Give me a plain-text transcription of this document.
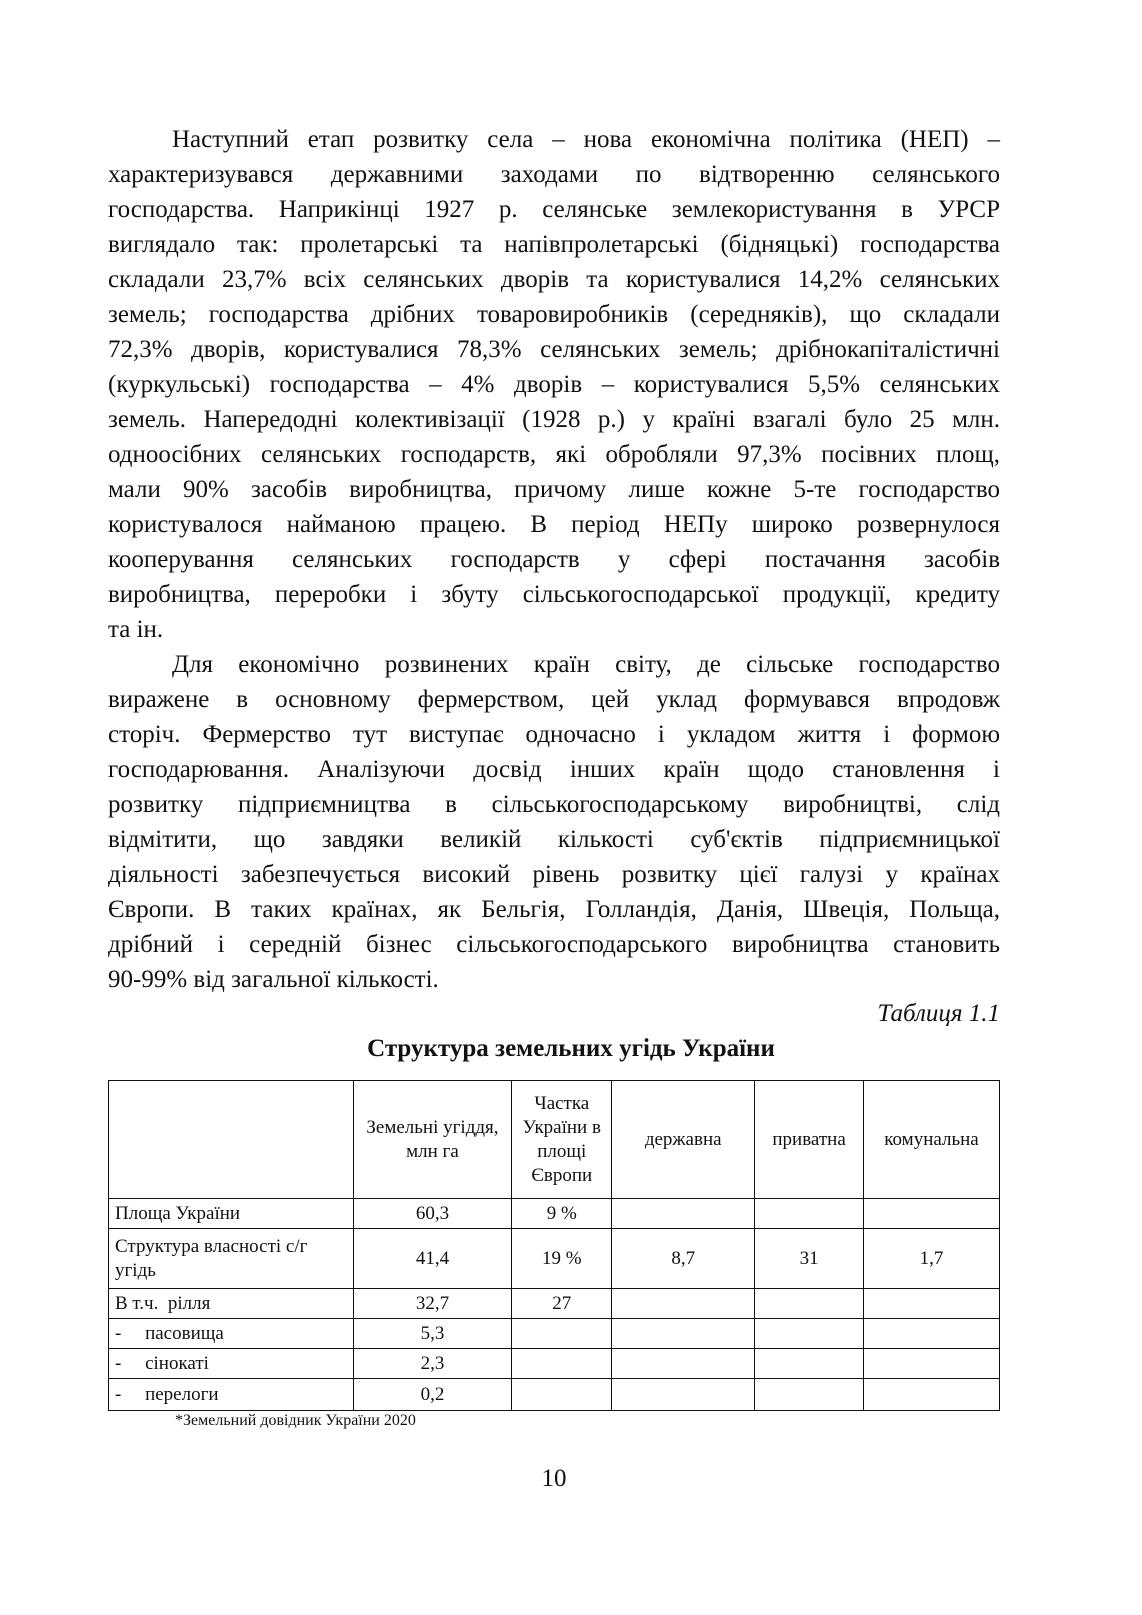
Наступний етап розвитку села – нова економічна політика (НЕП) –
характеризувався державними заходами по відтворенню селянського
господарства. Наприкінці 1927 р. селянське землекористування в УРСР
виглядало так: пролетарські та напівпролетарські (бідняцькі) господарства
складали 23,7% всіх селянських дворів та користувалися 14,2% селянських
земель; господарства дрібних товаровиробників (середняків), що складали
72,3% дворів, користувалися 78,3% селянських земель; дрібнокапіталістичні
(куркульські) господарства – 4% дворів – користувалися 5,5% селянських
земель. Напередодні колективізації (1928 р.) у країні взагалі було 25 млн.
одноосібних селянських господарств, які обробляли 97,3% посівних площ,
мали 90% засобів виробництва, причому лише кожне 5-те господарство
користувалося найманою працею. В період НЕПу широко розвернулося
кооперування селянських господарств у сфері постачання засобів
виробництва, переробки і збуту сільськогосподарської продукції, кредиту
та ін.
Для економічно розвинених країн світу, де сільське господарство
виражене в основному фермерством, цей уклад формувався впродовж
сторіч. Фермерство тут виступає одночасно і укладом життя і формою
господарювання. Аналізуючи досвід інших країн щодо становлення і
розвитку підприємництва в сільськогосподарському виробництві, слід
відмітити, що завдяки великій кількості суб'єктів підприємницької
діяльності забезпечується високий рівень розвитку цієї галузі у країнах
Європи. В таких країнах, як Бельгія, Голландія, Данія, Швеція, Польща,
дрібний і середній бізнес сільськогосподарського виробництва становить
90-99% від загальної кількості.
Таблиця 1.1
Структура земельних угідь України
	Земельні угіддя, млн га	Частка України в площі Європи	державна	приватна	комунальна
Площа України	60,3	9 %			
Структура власності с/г угідь	41,4	19 %	8,7	31	1,7
В т.ч.  рілля	32,7	27			
-     пасовища	5,3				
-     сінокаті	2,3				
-     перелоги	0,2				
*Земельний довідник України 2020
10
